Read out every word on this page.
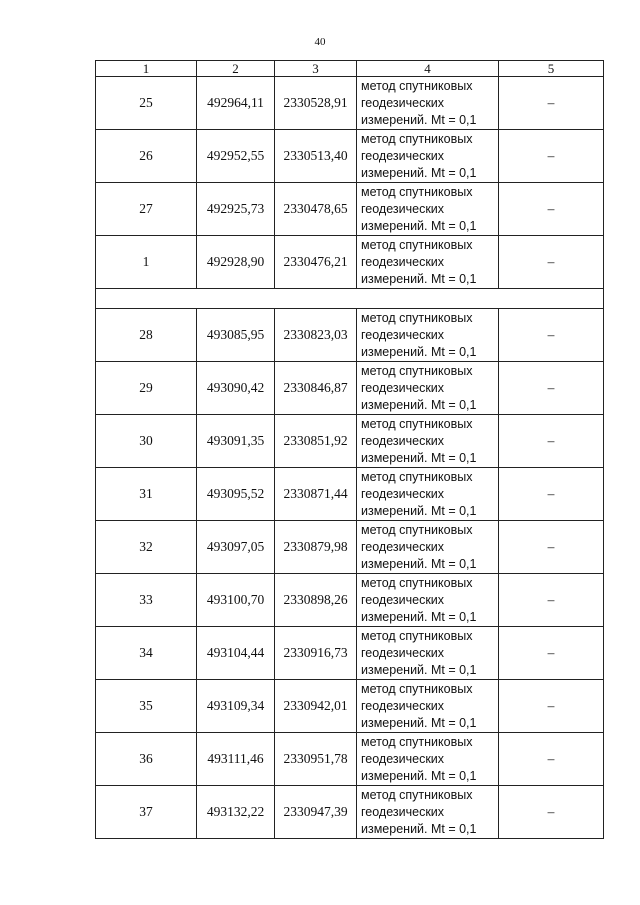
40
1	2	3	4	5
25	492964,11	2330528,91	метод спутниковых
геодезических
измерений. Mt = 0,1	–
26	492952,55	2330513,40	метод спутниковых
геодезических
измерений. Mt = 0,1	–
27	492925,73	2330478,65	метод спутниковых
геодезических
измерений. Mt = 0,1	–
1	492928,90	2330476,21	метод спутниковых
геодезических
измерений. Mt = 0,1	–

28	493085,95	2330823,03	метод спутниковых
геодезических
измерений. Mt = 0,1	–
29	493090,42	2330846,87	метод спутниковых
геодезических
измерений. Mt = 0,1	–
30	493091,35	2330851,92	метод спутниковых
геодезических
измерений. Mt = 0,1	–
31	493095,52	2330871,44	метод спутниковых
геодезических
измерений. Mt = 0,1	–
32	493097,05	2330879,98	метод спутниковых
геодезических
измерений. Mt = 0,1	–
33	493100,70	2330898,26	метод спутниковых
геодезических
измерений. Mt = 0,1	–
34	493104,44	2330916,73	метод спутниковых
геодезических
измерений. Mt = 0,1	–
35	493109,34	2330942,01	метод спутниковых
геодезических
измерений. Mt = 0,1	–
36	493111,46	2330951,78	метод спутниковых
геодезических
измерений. Mt = 0,1	–
37	493132,22	2330947,39	метод спутниковых
геодезических
измерений. Mt = 0,1	–
